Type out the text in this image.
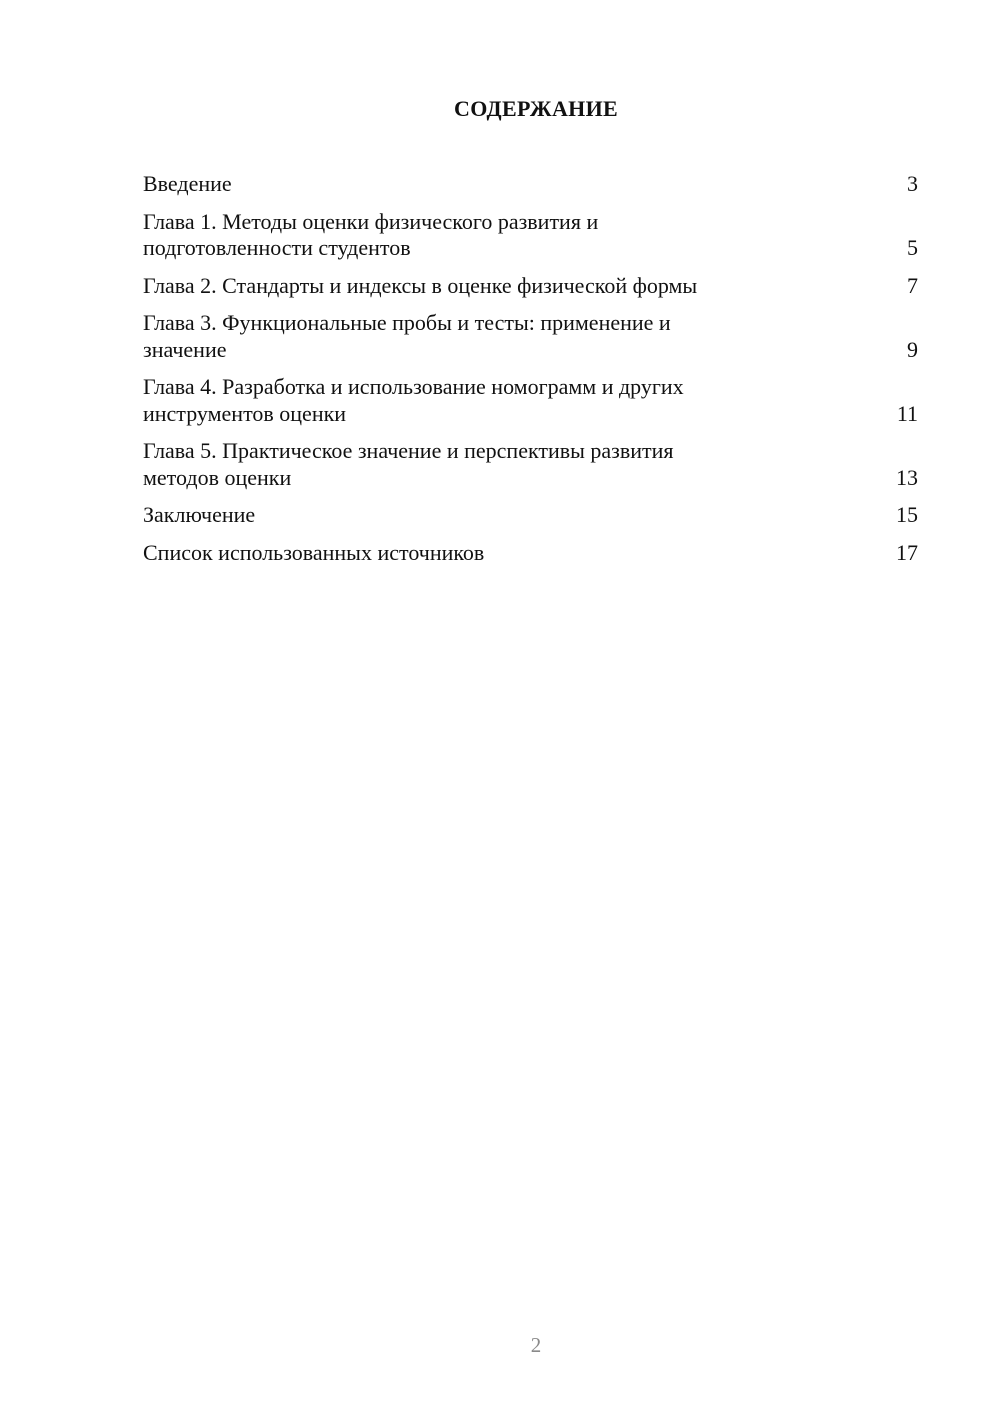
СОДЕРЖАНИЕ
Введение	3
Глава 1. Методы оценки физического развития и
подготовленности студентов	5
Глава 2. Стандарты и индексы в оценке физической формы	7
Глава 3. Функциональные пробы и тесты: применение и
значение	9
Глава 4. Разработка и использование номограмм и других
инструментов оценки	11
Глава 5. Практическое значение и перспективы развития
методов оценки	13
Заключение	15
Список использованных источников	17
2
